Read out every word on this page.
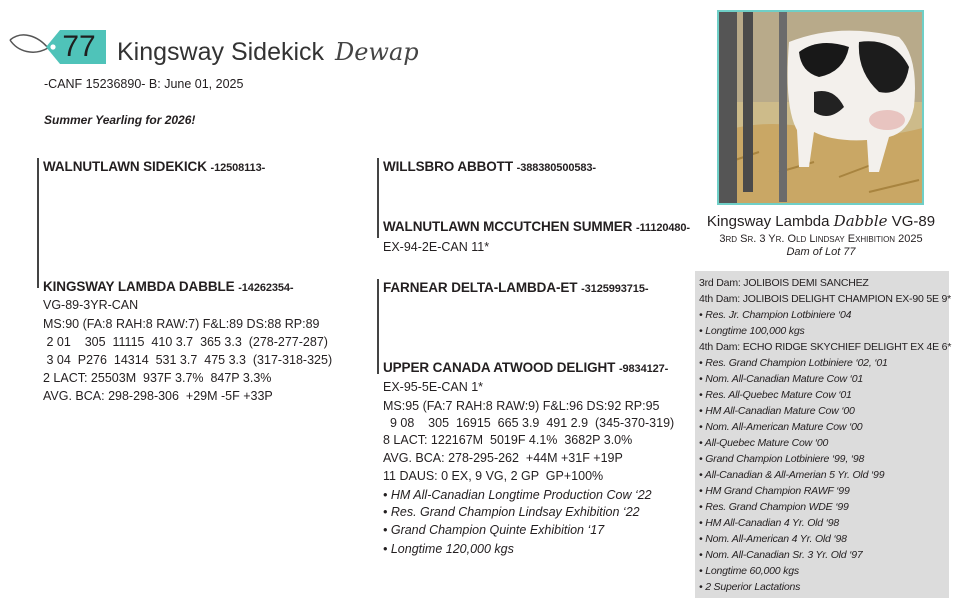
77 Kingsway Sidekick Dewap
-CANF 15236890- B: June 01, 2025
Summer Yearling for 2026!
WALNUTLAWN SIDEKICK -12508113-	WILLSBRO ABBOTT -388380500583-
WALNUTLAWN MCCUTCHEN SUMMER -11120480-
EX-94-2E-CAN 11*
KINGSWAY LAMBDA DABBLE -14262354-
VG-89-3YR-CAN
MS:90 (FA:8 RAH:8 RAW:7) F&L:89 DS:88 RP:89
2 01    305  11115  410 3.7  365 3.3  (278-277-287)
3 04  P276  14314  531 3.7  475 3.3  (317-318-325)
2 LACT: 25503M  937F 3.7%  847P 3.3%
AVG. BCA: 298-298-306  +29M -5F +33P
FARNEAR DELTA-LAMBDA-ET -3125993715-
UPPER CANADA ATWOOD DELIGHT -9834127-
EX-95-5E-CAN 1*
MS:95 (FA:7 RAH:8 RAW:9) F&L:96 DS:92 RP:95
9 08    305  16915  665 3.9  491 2.9  (345-370-319)
8 LACT: 122167M  5019F 4.1%  3682P 3.0%
AVG. BCA: 278-295-262  +44M +31F +19P
11 DAUS: 0 EX, 9 VG, 2 GP  GP+100%
• HM All-Canadian Longtime Production Cow ‘22
• Res. Grand Champion Lindsay Exhibition ‘22
• Grand Champion Quinte Exhibition ‘17
• Longtime 120,000 kgs
Kingsway Lambda Dabble VG-89
3rd Sr. 3 Yr. Old Lindsay Exhibition 2025
Dam of Lot 77
3rd Dam: JOLIBOIS DEMI SANCHEZ
4th Dam: JOLIBOIS DELIGHT CHAMPION EX-90 5E 9*
• Res. Jr. Champion Lotbiniere ‘04
• Longtime 100,000 kgs
4th Dam: ECHO RIDGE SKYCHIEF DELIGHT EX 4E 6*
• Res. Grand Champion Lotbiniere ‘02, ‘01
• Nom. All-Canadian Mature Cow ‘01
• Res. All-Quebec Mature Cow ‘01
• HM All-Canadian Mature Cow ‘00
• Nom. All-American Mature Cow ‘00
• All-Quebec Mature Cow ‘00
• Grand Champion Lotbiniere ‘99, ‘98
• All-Canadian & All-Amerian 5 Yr. Old ‘99
• HM Grand Champion RAWF ‘99
• Res. Grand Champion WDE ‘99
• HM All-Canadian 4 Yr. Old ‘98
• Nom. All-American 4 Yr. Old ‘98
• Nom. All-Canadian Sr. 3 Yr. Old ‘97
• Longtime 60,000 kgs
• 2 Superior Lactations
